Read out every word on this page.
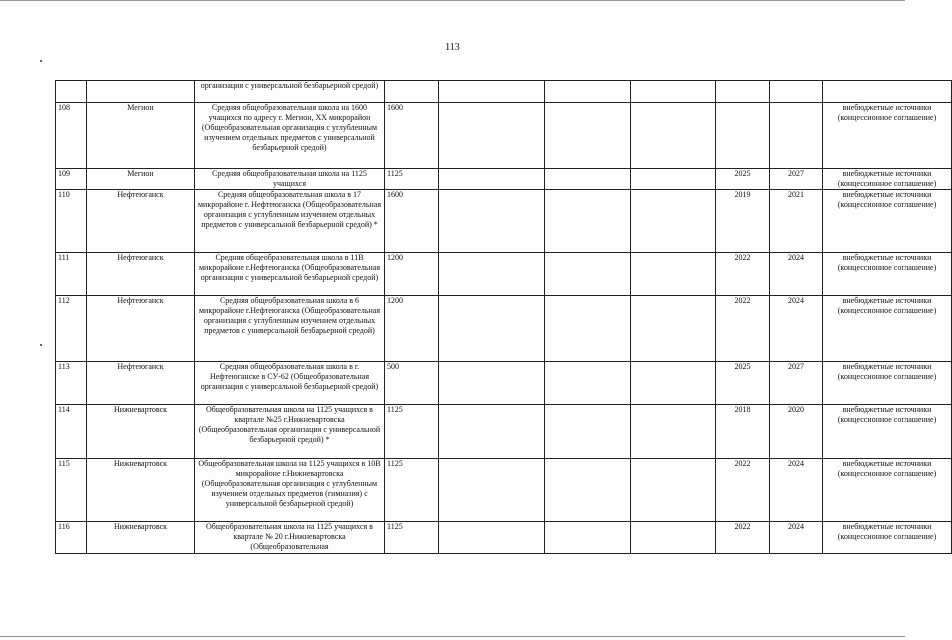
113
		организация с универсальной безбарьерной средой)							
108	Мегион	Средняя общеобразовательная школа на 1600 учащихся по адресу г. Мегион, XX микрорайон (Общеобразовательная организация с углубленным изучением отдельных предметов с универсальной безбарьерной средой)	1600						внебюджетные источники (концессионное соглашение)
109	Мегион	Средняя общеобразовательная школа на 1125 учащихся	1125				2025	2027	внебюджетные источники (концессионное соглашение)
110	Нефтеюганск	Средняя общеобразовательная школа в 17 микрорайоне г. Нефтеюганска (Общеобразовательная организация с углубленным изучением отдельных предметов с универсальной безбарьерной средой) *	1600				2019	2021	внебюджетные источники (концессионное соглашение)
111	Нефтеюганск	Средняя общеобразовательная школа в 11В микрорайоне г.Нефтеюганска (Общеобразовательная организация с универсальной безбарьерной средой)	1200				2022	2024	внебюджетные источники (концессионное соглашение)
112	Нефтеюганск	Средняя общеобразовательная школа в 6 микрорайоне г.Нефтеюганска (Общеобразовательная организация с углубленным изучением отдельных предметов с универсальной безбарьерной средой)	1200				2022	2024	внебюджетные источники (концессионное соглашение)
113	Нефтеюганск	Средняя общеобразовательная школа в г. Нефтеюганске в СУ-62 (Общеобразовательная организация с универсальной безбарьерной средой)	500				2025	2027	внебюджетные источники (концессионное соглашение)
114	Нижневартовск	Общеобразовательная школа на 1125 учащихся в квартале №25 г.Нижневартовска (Общеобразовательная организация с универсальной безбарьерной средой) *	1125				2018	2020	внебюджетные источники (концессионное соглашение)
115	Нижневартовск	Общеобразовательная школа на 1125 учащихся в 10В микрорайоне г.Нижневартовска (Общеобразовательная организация с углубленным изучением отдельных предметов (гимназия) с универсальной безбарьерной средой)	1125				2022	2024	внебюджетные источники (концессионное соглашение)
116	Нижневартовск	Общеобразовательная школа на 1125 учащихся в квартале № 20 г.Нижневартовска (Общеобразовательная	1125				2022	2024	внебюджетные источники (концессионное соглашение)
